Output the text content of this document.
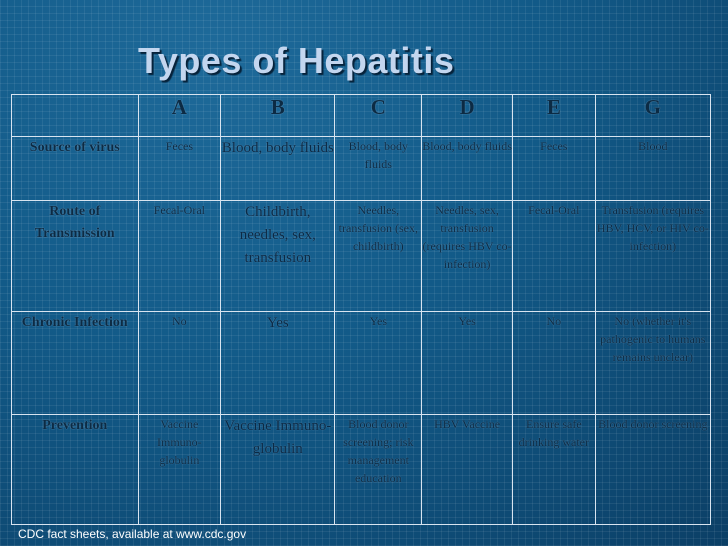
Types of Hepatitis
	A	B	C	D	E	G
Source of virus	Feces	Blood, body fluids	Blood, body fluids	Blood, body fluids	Feces	Blood
Route of Transmission	Fecal-Oral	Childbirth, needles, sex, transfusion	Needles, transfusion (sex, childbirth)	Needles, sex, transfusion (requires HBV co-infection)	Fecal-Oral	Transfusion (requires HBV, HCV, or HIV co-infection)
Chronic Infection	No	Yes	Yes	Yes	No	No (whether it's pathogenic to humans remains unclear)
Prevention	Vaccine Immuno-globulin	Vaccine Immuno-globulin	Blood donor screening; risk management education	HBV Vaccine	Ensure safe drinking water	Blood donor screening
CDC fact sheets, available at www.cdc.gov
